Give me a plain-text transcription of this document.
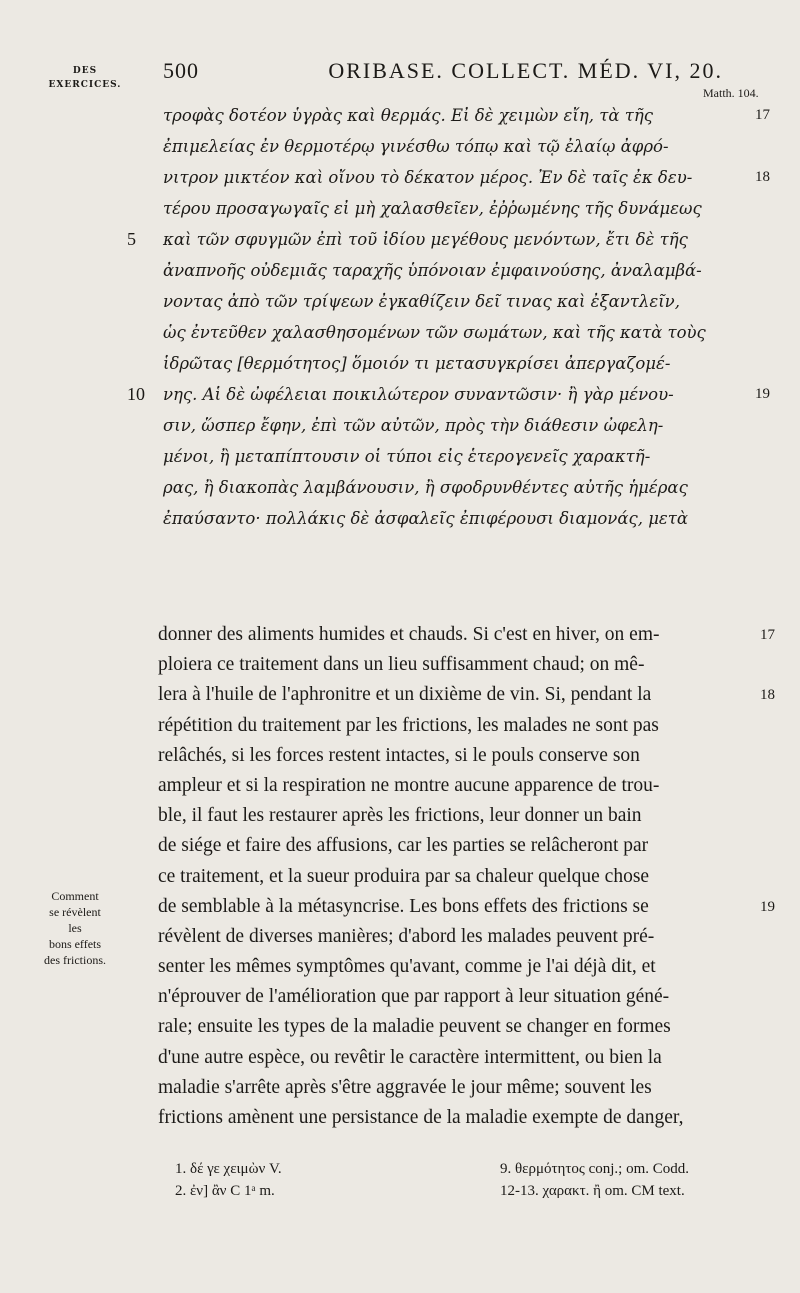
DES
EXERCICES.
500	ORIBASE. COLLECT. MÉD. VI, 20.
Matth. 104.
τροφὰς δοτέον ὑγρὰς καὶ θερμάς. Εἰ δὲ χειμὼν εἴη, τὰ τῆς	17
ἐπιμελείας ἐν θερμοτέρῳ γινέσθω τόπῳ καὶ τῷ ἐλαίῳ ἀφρό-
νιτρον μικτέον καὶ οἴνου τὸ δέκατον μέρος. Ἐν δὲ ταῖς ἐκ δευ-	18
τέρου προσαγωγαῖς εἰ μὴ χαλασθεῖεν, ἐῤῥωμένης τῆς δυνάμεως
5 καὶ τῶν σφυγμῶν ἐπὶ τοῦ ἰδίου μεγέθους μενόντων, ἔτι δὲ τῆς
ἀναπνοῆς οὐδεμιᾶς ταραχῆς ὑπόνοιαν ἐμφαινούσης, ἀναλαμβά-
νοντας ἀπὸ τῶν τρίψεων ἐγκαθίζειν δεῖ τινας καὶ ἐξαντλεῖν,
ὡς ἐντεῦθεν χαλασθησομένων τῶν σωμάτων, καὶ τῆς κατὰ τοὺς
ἱδρῶτας [θερμότητος] ὅμοιόν τι μετασυγκρίσει ἀπεργαζομέ-
10 νης. Αἱ δὲ ὠφέλειαι ποικιλώτερον συναντῶσιν· ἢ γὰρ μένου-	19
σιν, ὥσπερ ἔφην, ἐπὶ τῶν αὐτῶν, πρὸς τὴν διάθεσιν ὠφελη-
μένοι, ἢ μεταπίπτουσιν οἱ τύποι εἰς ἑτερογενεῖς χαρακτῆ-
ρας, ἢ διακοπὰς λαμβάνουσιν, ἢ σφοδρυνθέντες αὐτῆς ἡμέρας
ἐπαύσαντο· πολλάκις δὲ ἀσφαλεῖς ἐπιφέρουσι διαμονάς, μετὰ
donner des aliments humides et chauds. Si c'est en hiver, on em-	17
ploiera ce traitement dans un lieu suffisamment chaud; on mê-
lera à l'huile de l'aphronitre et un dixième de vin. Si, pendant la	18
répétition du traitement par les frictions, les malades ne sont pas
relâchés, si les forces restent intactes, si le pouls conserve son
ampleur et si la respiration ne montre aucune apparence de trou-
ble, il faut les restaurer après les frictions, leur donner un bain
de siége et faire des affusions, car les parties se relâcheront par
ce traitement, et la sueur produira par sa chaleur quelque chose
de semblable à la métasyncrise. Les bons effets des frictions se	19
révèlent de diverses manières; d'abord les malades peuvent pré-
senter les mêmes symptômes qu'avant, comme je l'ai déjà dit, et
n'éprouver de l'amélioration que par rapport à leur situation géné-
rale; ensuite les types de la maladie peuvent se changer en formes
d'une autre espèce, ou revêtir le caractère intermittent, ou bien la
maladie s'arrête après s'être aggravée le jour même; souvent les
frictions amènent une persistance de la maladie exempte de danger,
Comment
se révèlent
les
bons effets
des frictions.
1. δέ γε χειμὼν V.	9. θερμότητος conj.; om. Codd.
2. ἐν] ἂν C 1ᵃ m.	12-13. χαρακτ. ἢ om. CM text.
